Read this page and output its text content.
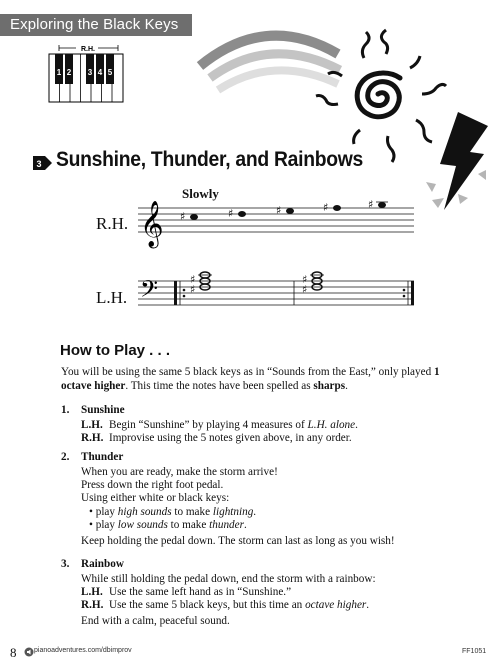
Exploring the Black Keys
R.H.
1 2 3 4 5
3 Sunshine, Thunder, and Rainbows
𝄞 ♯	♯	♯	♯	♯
𝄢	♯
♯
♯
♯
Slowly
R.H.
L.H.
How to Play . . .
You will be using the same 5 black keys as in “Sounds from the East,” only played 1 octave higher. This time the notes have been spelled as sharps.
1. Sunshine
L.H. Begin “Sunshine” by playing 4 measures of L.H. alone.
R.H. Improvise using the 5 notes given above, in any order.
2. Thunder
When you are ready, make the storm arrive!
Press down the right foot pedal.
Using either white or black keys:
• play high sounds to make lightning.
• play low sounds to make thunder.
Keep holding the pedal down. The storm can last as long as you wish!
3. Rainbow
While still holding the pedal down, end the storm with a rainbow:
L.H. Use the same left hand as in “Sunshine.”
R.H. Use the same 5 black keys, but this time an octave higher.
End with a calm, peaceful sound.
8	pianoadventures.com/dbimprov	FF1051
